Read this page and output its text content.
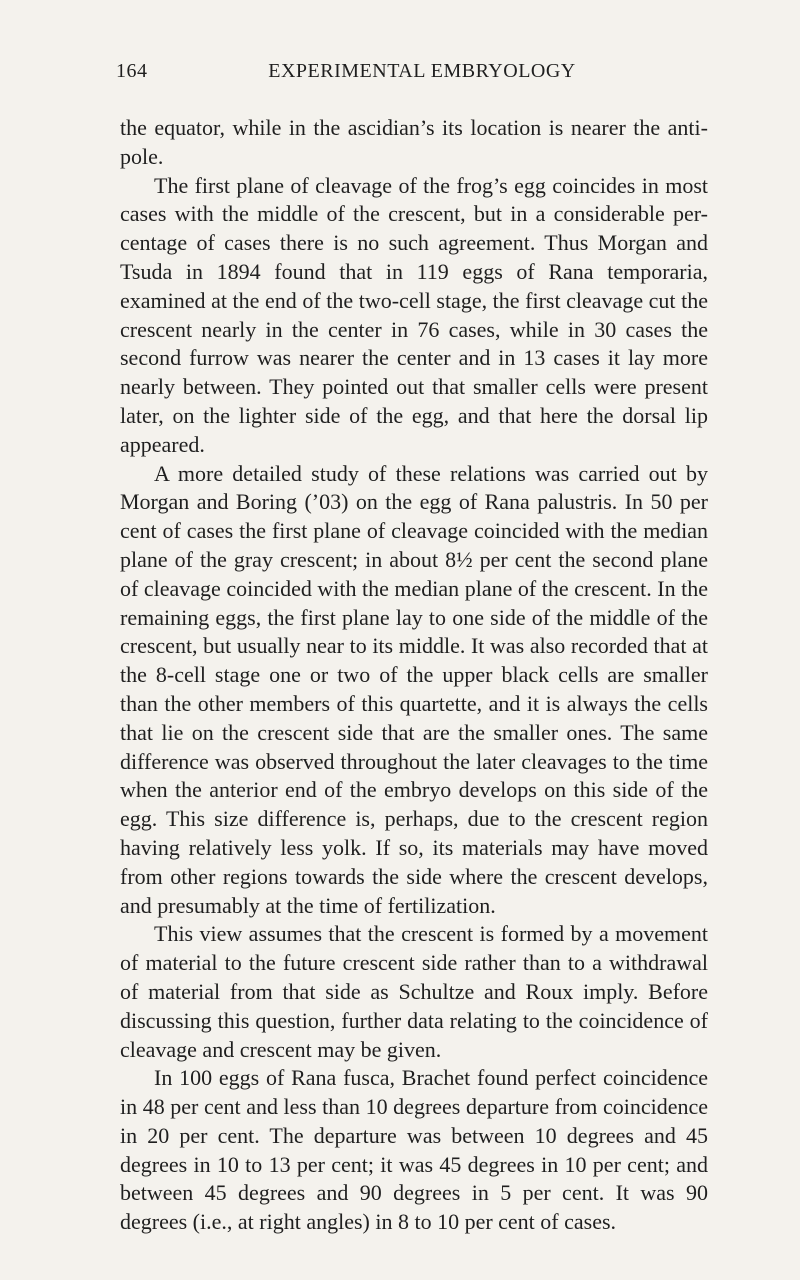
164	EXPERIMENTAL EMBRYOLOGY

the equator, while in the ascidian’s its location is nearer the anti-pole.

The first plane of cleavage of the frog’s egg coincides in most cases with the middle of the crescent, but in a considerable per-centage of cases there is no such agreement. Thus Morgan and Tsuda in 1894 found that in 119 eggs of Rana temporaria, examined at the end of the two-cell stage, the first cleavage cut the crescent nearly in the center in 76 cases, while in 30 cases the second furrow was nearer the center and in 13 cases it lay more nearly between. They pointed out that smaller cells were present later, on the lighter side of the egg, and that here the dorsal lip appeared.

A more detailed study of these relations was carried out by Morgan and Boring (’03) on the egg of Rana palustris. In 50 per cent of cases the first plane of cleavage coincided with the median plane of the gray crescent; in about 8½ per cent the second plane of cleavage coincided with the median plane of the crescent. In the remaining eggs, the first plane lay to one side of the middle of the crescent, but usually near to its middle. It was also recorded that at the 8-cell stage one or two of the upper black cells are smaller than the other members of this quartette, and it is always the cells that lie on the crescent side that are the smaller ones. The same difference was observed throughout the later cleavages to the time when the anterior end of the embryo develops on this side of the egg. This size difference is, perhaps, due to the crescent region having relatively less yolk. If so, its materials may have moved from other regions towards the side where the crescent develops, and presumably at the time of fertilization.

This view assumes that the crescent is formed by a movement of material to the future crescent side rather than to a withdrawal of material from that side as Schultze and Roux imply. Before discussing this question, further data relating to the coincidence of cleavage and crescent may be given.

In 100 eggs of Rana fusca, Brachet found perfect coincidence in 48 per cent and less than 10 degrees departure from coincidence in 20 per cent. The departure was between 10 degrees and 45 degrees in 10 to 13 per cent; it was 45 degrees in 10 per cent; and between 45 degrees and 90 degrees in 5 per cent. It was 90 degrees (i.e., at right angles) in 8 to 10 per cent of cases.
